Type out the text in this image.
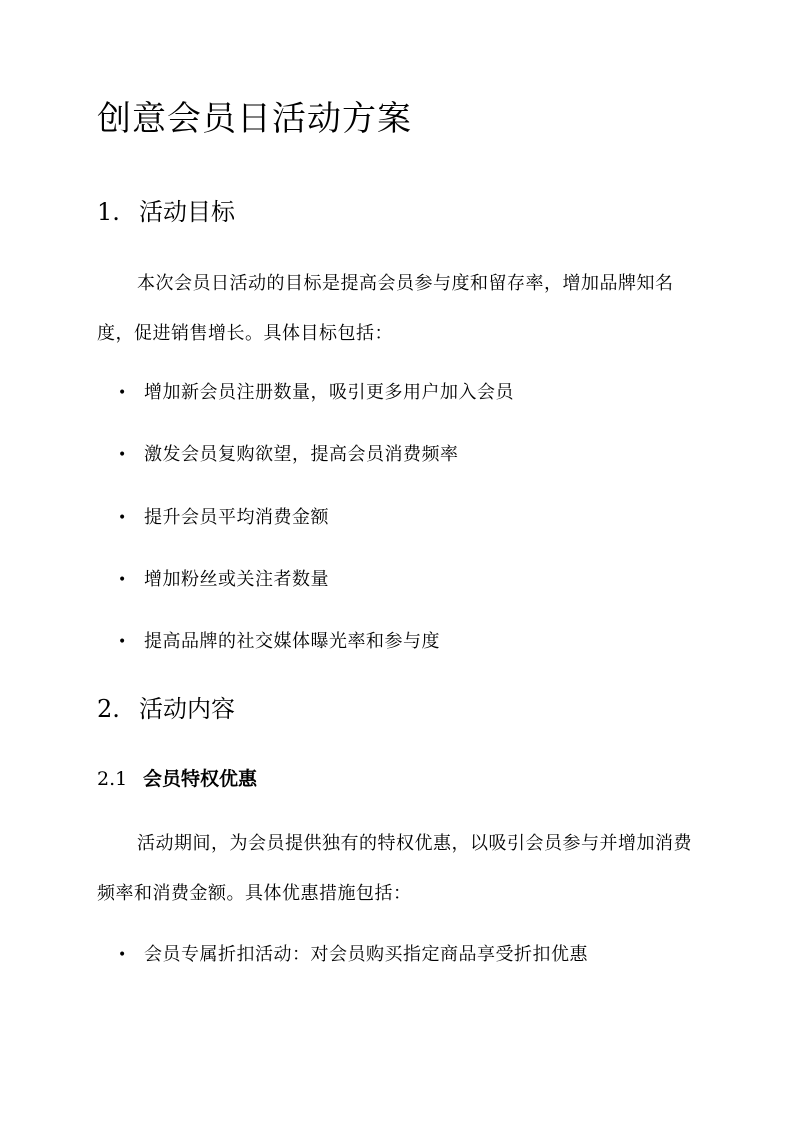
创意会员日活动方案
1. 活动目标

本次会员日活动的目标是提高会员参与度和留存率，增加品牌知名度，促进销售增长。具体目标包括：

• 增加新会员注册数量，吸引更多用户加入会员
• 激发会员复购欲望，提高会员消费频率
• 提升会员平均消费金额
• 增加粉丝或关注者数量
• 提高品牌的社交媒体曝光率和参与度
2. 活动内容
2.1 会员特权优惠

活动期间，为会员提供独有的特权优惠，以吸引会员参与并增加消费频率和消费金额。具体优惠措施包括：

• 会员专属折扣活动：对会员购买指定商品享受折扣优惠
